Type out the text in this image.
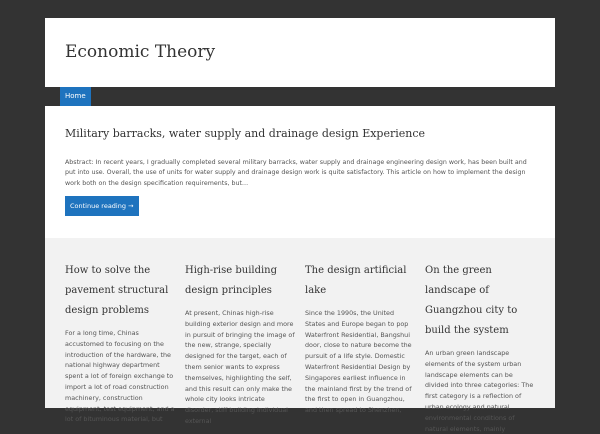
Economic Theory
Home
Military barracks, water supply and drainage design Experience

Abstract: In recent years, I gradually completed several military barracks, water supply and drainage engineering design work, has been built and put into use. Overall, the use of units for water supply and drainage design work is quite satisfactory. This article on how to implement the design work both on the design specification requirements, but…

Continue reading →
How to solve the pavement structural design problems

For a long time, Chinas accustomed to focusing on the introduction of the hardware, the national highway department spent a lot of foreign exchange to import a lot of road construction machinery, construction equipment, test equipment, and a lot of bituminous material, but

High-rise building design principles

At present, Chinas high-rise building exterior design and more in pursuit of bringing the image of the new, strange, specially designed for the target, each of them senior wants to express themselves, highlighting the self, and this result can only make the whole city looks intricate disorder, stiff building individual external

The design artificial lake

Since the 1990s, the United States and Europe began to pop Waterfront Residential, Bangshui door, close to nature become the pursuit of a life style. Domestic Waterfront Residential Design by Singapores earliest influence in the mainland first by the trend of the first to open in Guangzhou, and then spread to Shenzhen,

On the green landscape of Guangzhou city to build the system

An urban green landscape elements of the system urban landscape elements can be divided into three categories: The first category is a reflection of urban ecology and natural environmental conditions of natural elements, mainly
